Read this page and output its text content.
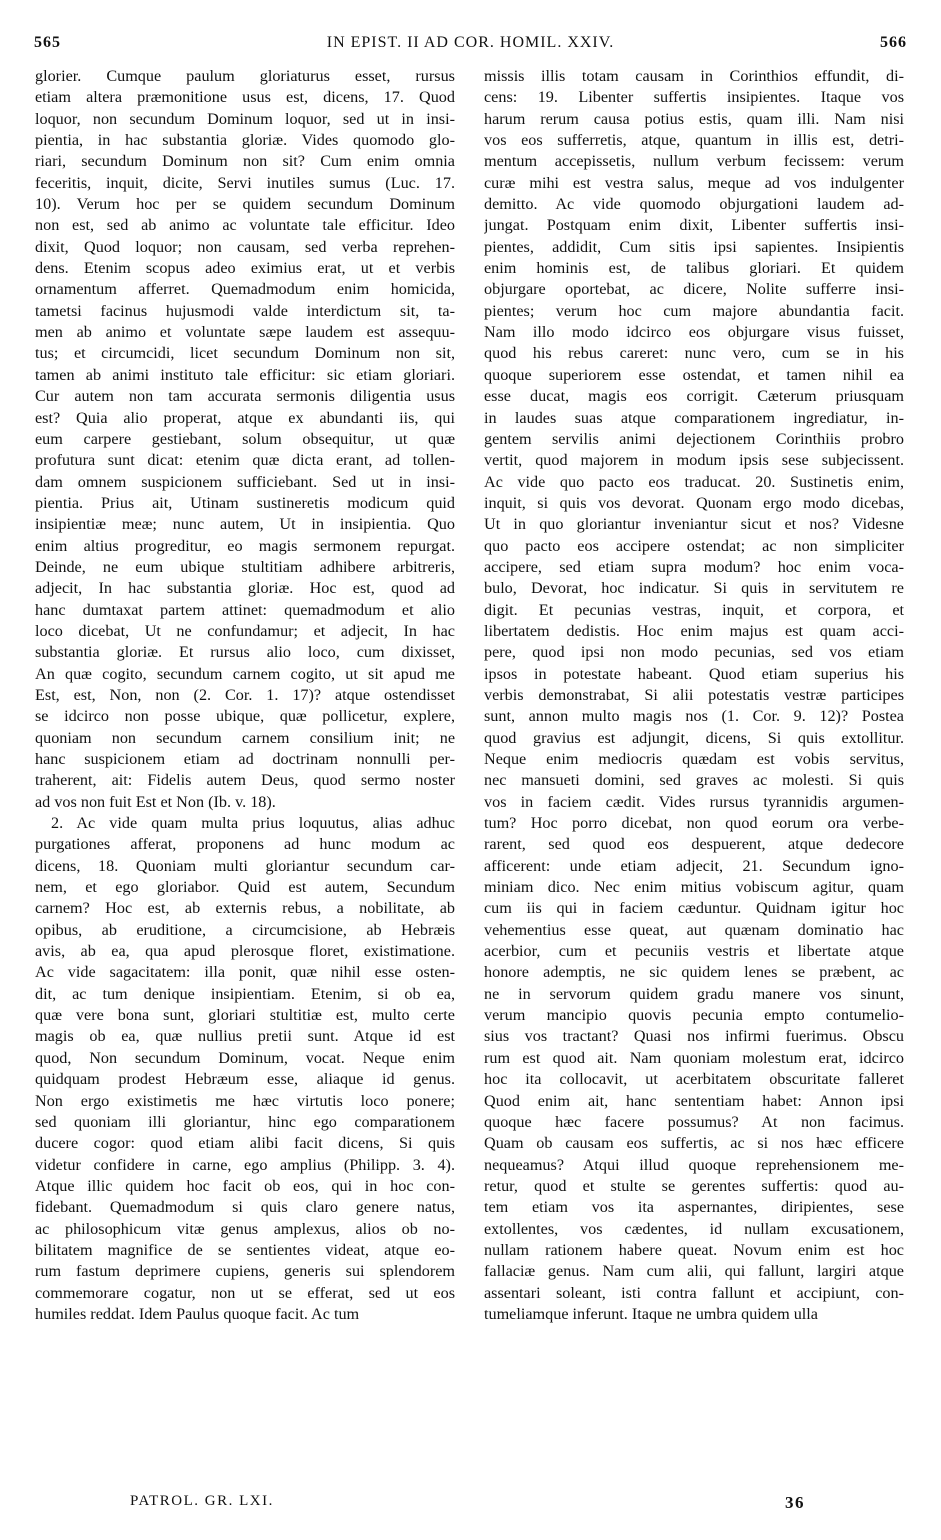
565	IN EPIST. II AD COR. HOMIL. XXIV.	566

glorier. Cumque paulum gloriaturus esset, rursus

etiam altera præmonitione usus est, dicens, 17. Quod

loquor, non secundum Dominum loquor, sed ut in insi-

pientia, in hac substantia gloriæ. Vides quomodo glo-

riari, secundum Dominum non sit? Cum enim omnia

feceritis, inquit, dicite, Servi inutiles sumus (Luc. 17.

10). Verum hoc per se quidem secundum Dominum

non est, sed ab animo ac voluntate tale efficitur. Ideo

dixit, Quod loquor; non causam, sed verba reprehen-

dens. Etenim scopus adeo eximius erat, ut et verbis

ornamentum afferret. Quemadmodum enim homicida,

tametsi facinus hujusmodi valde interdictum sit, ta-

men ab animo et voluntate sæpe laudem est assequu-

tus; et circumcidi, licet secundum Dominum non sit,

tamen ab animi instituto tale efficitur: sic etiam gloriari.

Cur autem non tam accurata sermonis diligentia usus

est? Quia alio properat, atque ex abundanti iis, qui

eum carpere gestiebant, solum obsequitur, ut quæ

profutura sunt dicat: etenim quæ dicta erant, ad tollen-

dam omnem suspicionem sufficiebant. Sed ut in insi-

pientia. Prius ait, Utinam sustineretis modicum quid

insipientiæ meæ; nunc autem, Ut in insipientia. Quo

enim altius progreditur, eo magis sermonem repurgat.

Deinde, ne eum ubique stultitiam adhibere arbitreris,

adjecit, In hac substantia gloriæ. Hoc est, quod ad

hanc dumtaxat partem attinet: quemadmodum et alio

loco dicebat, Ut ne confundamur; et adjecit, In hac

substantia gloriæ. Et rursus alio loco, cum dixisset,

An quæ cogito, secundum carnem cogito, ut sit apud me

Est, est, Non, non (2. Cor. 1. 17)? atque ostendisset

se idcirco non posse ubique, quæ pollicetur, explere,

quoniam non secundum carnem consilium init; ne

hanc suspicionem etiam ad doctrinam nonnulli per-

traherent, ait: Fidelis autem Deus, quod sermo noster

ad vos non fuit Est et Non (Ib. v. 18).

2. Ac vide quam multa prius loquutus, alias adhuc

purgationes afferat, proponens ad hunc modum ac

dicens, 18. Quoniam multi gloriantur secundum car-

nem, et ego gloriabor. Quid est autem, Secundum

carnem? Hoc est, ab externis rebus, a nobilitate, ab

opibus, ab eruditione, a circumcisione, ab Hebræis

avis, ab ea, qua apud plerosque floret, existimatione.

Ac vide sagacitatem: illa ponit, quæ nihil esse osten-

dit, ac tum denique insipientiam. Etenim, si ob ea,

quæ vere bona sunt, gloriari stultitiæ est, multo certe

magis ob ea, quæ nullius pretii sunt. Atque id est

quod, Non secundum Dominum, vocat. Neque enim

quidquam prodest Hebræum esse, aliaque id genus.

Non ergo existimetis me hæc virtutis loco ponere;

sed quoniam illi gloriantur, hinc ego comparationem

ducere cogor: quod etiam alibi facit dicens, Si quis

videtur confidere in carne, ego amplius (Philipp. 3. 4).

Atque illic quidem hoc facit ob eos, qui in hoc con-

fidebant. Quemadmodum si quis claro genere natus,

ac philosophicum vitæ genus amplexus, alios ob no-

bilitatem magnifice de se sentientes videat, atque eo-

rum fastum deprimere cupiens, generis sui splendorem

commemorare cogatur, non ut se efferat, sed ut eos

humiles reddat. Idem Paulus quoque facit. Ac tum

missis illis totam causam in Corinthios effundit, di-

cens: 19. Libenter suffertis insipientes. Itaque vos

harum rerum causa potius estis, quam illi. Nam nisi

vos eos sufferretis, atque, quantum in illis est, detri-

mentum accepissetis, nullum verbum fecissem: verum

curæ mihi est vestra salus, meque ad vos indulgenter

demitto. Ac vide quomodo objurgationi laudem ad-

jungat. Postquam enim dixit, Libenter suffertis insi-

pientes, addidit, Cum sitis ipsi sapientes. Insipientis

enim hominis est, de talibus gloriari. Et quidem

objurgare oportebat, ac dicere, Nolite sufferre insi-

pientes; verum hoc cum majore abundantia facit.

Nam illo modo idcirco eos objurgare visus fuisset,

quod his rebus careret: nunc vero, cum se in his

quoque superiorem esse ostendat, et tamen nihil ea

esse ducat, magis eos corrigit. Cæterum priusquam

in laudes suas atque comparationem ingrediatur, in-

gentem servilis animi dejectionem Corinthiis probro

vertit, quod majorem in modum ipsis sese subjecissent.

Ac vide quo pacto eos traducat. 20. Sustinetis enim,

inquit, si quis vos devorat. Quonam ergo modo dicebas,

Ut in quo gloriantur inveniantur sicut et nos? Videsne

quo pacto eos accipere ostendat; ac non simpliciter

accipere, sed etiam supra modum? hoc enim voca-

bulo, Devorat, hoc indicatur. Si quis in servitutem re

digit. Et pecunias vestras, inquit, et corpora, et

libertatem dedistis. Hoc enim majus est quam acci-

pere, quod ipsi non modo pecunias, sed vos etiam

ipsos in potestate habeant. Quod etiam superius his

verbis demonstrabat, Si alii potestatis vestræ participes

sunt, annon multo magis nos (1. Cor. 9. 12)? Postea

quod gravius est adjungit, dicens, Si quis extollitur.

Neque enim mediocris quædam est vobis servitus,

nec mansueti domini, sed graves ac molesti. Si quis

vos in faciem cædit. Vides rursus tyrannidis argumen-

tum? Hoc porro dicebat, non quod eorum ora verbe-

rarent, sed quod eos despuerent, atque dedecore

afficerent: unde etiam adjecit, 21. Secundum igno-

miniam dico. Nec enim mitius vobiscum agitur, quam

cum iis qui in faciem cæduntur. Quidnam igitur hoc

vehementius esse queat, aut quænam dominatio hac

acerbior, cum et pecuniis vestris et libertate atque

honore ademptis, ne sic quidem lenes se præbent, ac

ne in servorum quidem gradu manere vos sinunt,

verum mancipio quovis pecunia empto contumelio-

sius vos tractant? Quasi nos infirmi fuerimus. Obscu

rum est quod ait. Nam quoniam molestum erat, idcirco

hoc ita collocavit, ut acerbitatem obscuritate falleret

Quod enim ait, hanc sententiam habet: Annon ipsi

quoque hæc facere possumus? At non facimus.

Quam ob causam eos suffertis, ac si nos hæc efficere

nequeamus? Atqui illud quoque reprehensionem me-

retur, quod et stulte se gerentes suffertis: quod au-

tem etiam vos ita aspernantes, diripientes, sese

extollentes, vos cædentes, id nullam excusationem,

nullam rationem habere queat. Novum enim est hoc

fallaciæ genus. Nam cum alii, qui fallunt, largiri atque

assentari soleant, isti contra fallunt et accipiunt, con-

tumeliamque inferunt. Itaque ne umbra quidem ulla

PATROL. GR. LXI.	36
